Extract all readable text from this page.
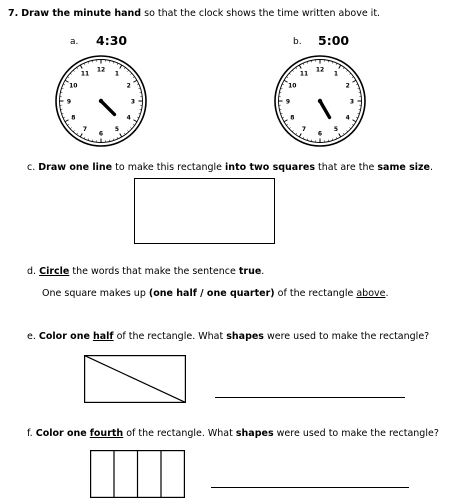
7. Draw the minute hand so that the clock shows the time written above it.
a. 4:30	b. 5:00
12
1
2
3
4
5
6
7
8
9
10
11
12
1
2
3
4
5
6
7
8
9
10
11
c. Draw one line to make this rectangle into two squares that are the same size.
d. Circle the words that make the sentence true.
One square makes up (one half / one quarter) of the rectangle above.
e. Color one half of the rectangle. What shapes were used to make the rectangle?
f. Color one fourth of the rectangle. What shapes were used to make the rectangle?
